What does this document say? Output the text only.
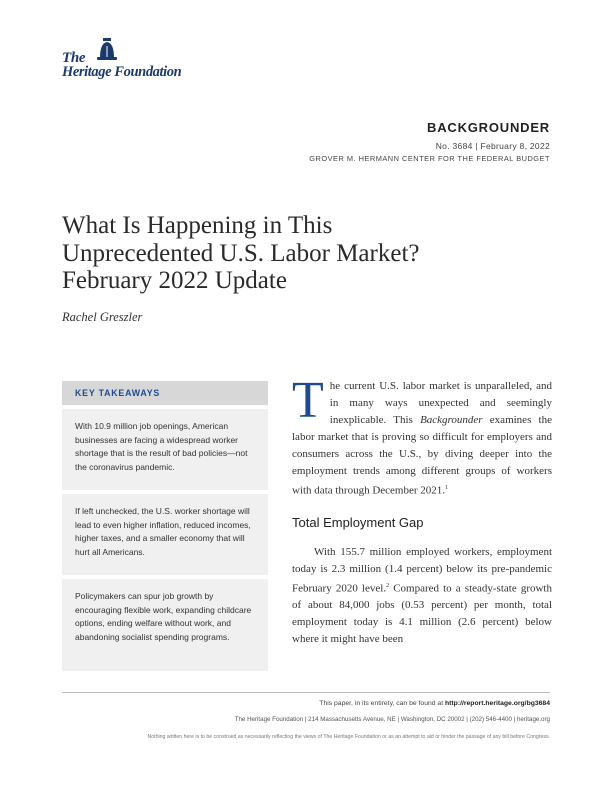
The
Heritage Foundation
BACKGROUNDER
No. 3684 | February 8, 2022
GROVER M. HERMANN CENTER FOR THE FEDERAL BUDGET
What Is Happening in This Unprecedented U.S. Labor Market? February 2022 Update
Rachel Greszler
KEY TAKEAWAYS
With 10.9 million job openings, American businesses are facing a widespread worker shortage that is the result of bad policies—not the coronavirus pandemic.
If left unchecked, the U.S. worker shortage will lead to even higher inflation, reduced incomes, higher taxes, and a smaller economy that will hurt all Americans.
Policymakers can spur job growth by encouraging flexible work, expanding childcare options, ending welfare without work, and abandoning socialist spending programs.

The current U.S. labor market is unparalleled, and in many ways unexpected and seemingly inexplicable. This Backgrounder examines the labor market that is proving so difficult for employers and consumers across the U.S., by diving deeper into the employment trends among different groups of workers with data through December 2021.$^1$

Total Employment Gap

With 155.7 million employed workers, employment today is 2.3 million (1.4 percent) below its pre-pandemic February 2020 level.$^2$ Compared to a steady-state growth of about 84,000 jobs (0.53 percent) per month, total employment today is 4.1 million (2.6 percent) below where it might have been

This paper, in its entirety, can be found at http://report.heritage.org/bg3684
The Heritage Foundation | 214 Massachusetts Avenue, NE | Washington, DC 20002 | (202) 546-4400 | heritage.org
Nothing written here is to be construed as necessarily reflecting the views of The Heritage Foundation or as an attempt to aid or hinder the passage of any bill before Congress.
